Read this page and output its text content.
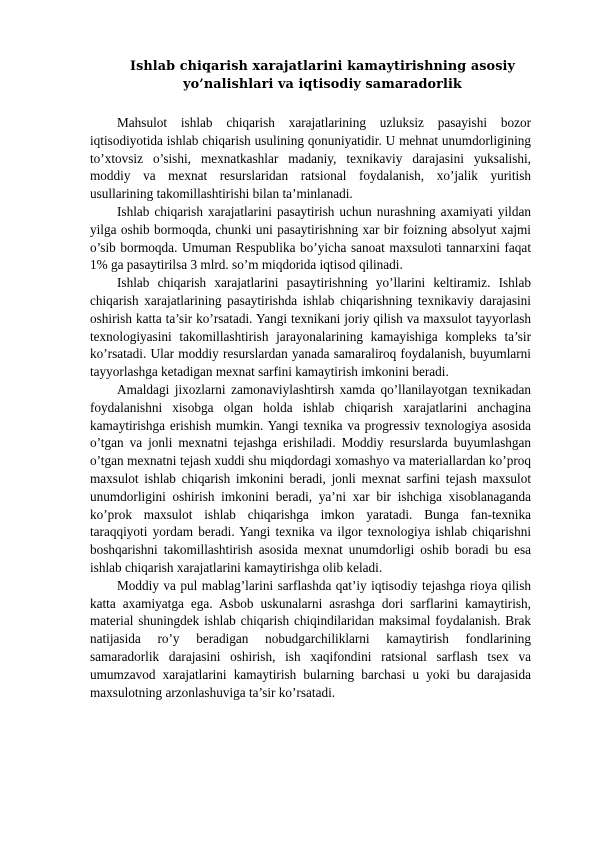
Ishlab chiqarish xarajatlarini kamaytirishning asosiy
yo’nalishlari va iqtisodiy samaradorlik

Mahsulot ishlab chiqarish xarajatlarining uzluksiz pasayishi bozor iqtisodiyotida ishlab chiqarish usulining qonuniyatidir. U mehnat unumdorligining to’xtovsiz o’sishi, mexnatkashlar madaniy, texnikaviy darajasini yuksalishi, moddiy va mexnat resurslaridan ratsional foydalanish, xo’jalik yuritish usullarining takomillashtirishi bilan ta’minlanadi.

Ishlab chiqarish xarajatlarini pasaytirish uchun nurashning axamiyati yildan yilga oshib bormoqda, chunki uni pasaytirishning xar bir foizning absolyut xajmi o’sib bormoqda. Umuman Respublika bo’yicha sanoat maxsuloti tannarxini faqat 1% ga pasaytirilsa 3 mlrd. so’m miqdorida iqtisod qilinadi.

Ishlab chiqarish xarajatlarini pasaytirishning yo’llarini keltiramiz. Ishlab chiqarish xarajatlarining pasaytirishda ishlab chiqarishning texnikaviy darajasini oshirish katta ta’sir ko’rsatadi. Yangi texnikani joriy qilish va maxsulot tayyorlash texnologiyasini takomillashtirish jarayonalarining kamayishiga kompleks ta’sir ko’rsatadi. Ular moddiy resurslardan yanada samaraliroq foydalanish, buyumlarni tayyorlashga ketadigan mexnat sarfini kamaytirish imkonini beradi.

Amaldagi jixozlarni zamonaviylashtirsh xamda qo’llanilayotgan texnikadan foydalanishni xisobga olgan holda ishlab chiqarish xarajatlarini anchagina kamaytirishga erishish mumkin. Yangi texnika va progressiv texnologiya asosida o’tgan va jonli mexnatni tejashga erishiladi. Moddiy resurslarda buyumlashgan o’tgan mexnatni tejash xuddi shu miqdordagi xomashyo va materiallardan ko’proq maxsulot ishlab chiqarish imkonini beradi, jonli mexnat sarfini tejash maxsulot unumdorligini oshirish imkonini beradi, ya’ni xar bir ishchiga xisoblanaganda ko’prok maxsulot ishlab chiqarishga imkon yaratadi. Bunga fan-texnika taraqqiyoti yordam beradi. Yangi texnika va ilgor texnologiya ishlab chiqarishni boshqarishni takomillashtirish asosida mexnat unumdorligi oshib boradi bu esa ishlab chiqarish xarajatlarini kamaytirishga olib keladi.

Moddiy va pul mablag’larini sarflashda qat’iy iqtisodiy tejashga rioya qilish katta axamiyatga ega. Asbob uskunalarni asrashga dori sarflarini kamaytirish, material shuningdek ishlab chiqarish chiqindilaridan maksimal foydalanish. Brak natijasida ro’y beradigan nobudgarchiliklarni kamaytirish fondlarining samaradorlik darajasini oshirish, ish xaqifondini ratsional sarflash tsex va umumzavod xarajatlarini kamaytirish bularning barchasi u yoki bu darajasida maxsulotning arzonlashuviga ta’sir ko’rsatadi.
